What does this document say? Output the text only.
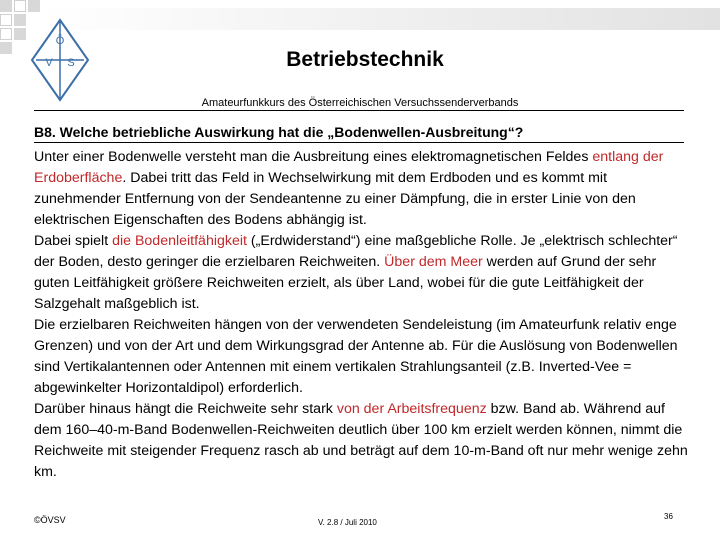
Ö
V S	Betriebstechnik
Amateurfunkkurs des Österreichischen Versuchssenderverbands
B8. Welche betriebliche Auswirkung hat die „Bodenwellen-Ausbreitung“?
Unter einer Bodenwelle versteht man die Ausbreitung eines elektromagnetischen Feldes entlang der Erdoberfläche. Dabei tritt das Feld in Wechselwirkung mit dem Erdboden und es kommt mit zunehmender Entfernung von der Sendeantenne zu einer Dämpfung, die in erster Linie von den elektrischen Eigenschaften des Bodens abhängig ist.
Dabei spielt die Bodenleitfähigkeit („Erdwiderstand“) eine maßgebliche Rolle. Je „elektrisch schlechter“ der Boden, desto geringer die erzielbaren Reichweiten. Über dem Meer werden auf Grund der sehr guten Leitfähigkeit größere Reichweiten erzielt, als über Land, wobei für die gute Leitfähigkeit der Salzgehalt maßgeblich ist.
Die erzielbaren Reichweiten hängen von der verwendeten Sendeleistung (im Amateurfunk relativ enge Grenzen) und von der Art und dem Wirkungsgrad der Antenne ab. Für die Auslösung von Bodenwellen sind Vertikalantennen oder Antennen mit einem vertikalen Strahlungsanteil (z.B. Inverted-Vee = abgewinkelter Horizontaldipol) erforderlich.
Darüber hinaus hängt die Reichweite sehr stark von der Arbeitsfrequenz bzw. Band ab. Während auf dem 160–40-m-Band Bodenwellen-Reichweiten deutlich über 100 km erzielt werden können, nimmt die Reichweite mit steigender Frequenz rasch ab und beträgt auf dem 10-m-Band oft nur mehr wenige zehn km.
©ÖVSV	V. 2.8 / Juli 2010
36
